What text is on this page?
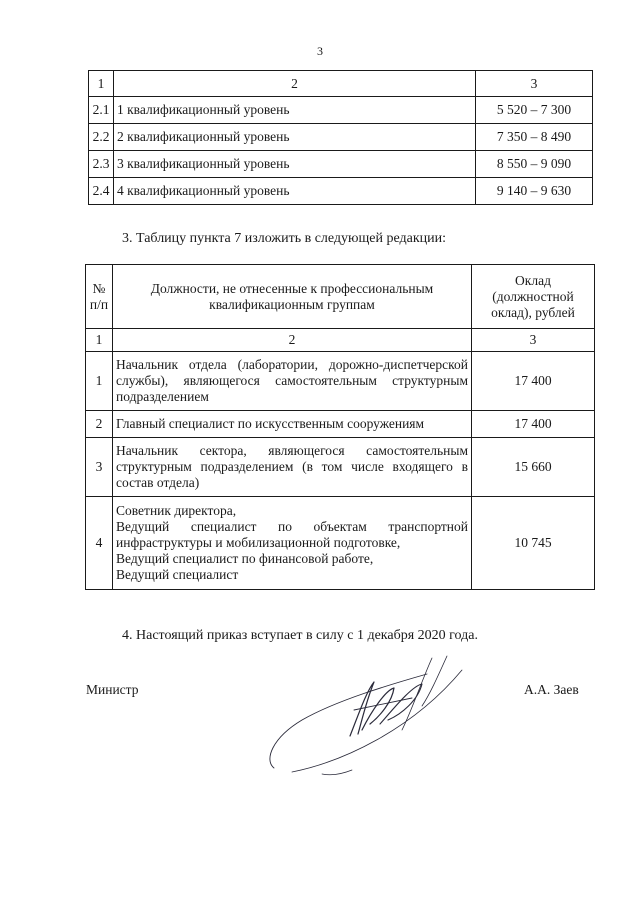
3
1	2	3
2.1	1 квалификационный уровень	5 520 – 7 300
2.2	2 квалификационный уровень	7 350 – 8 490
2.3	3 квалификационный уровень	8 550 – 9 090
2.4	4 квалификационный уровень	9 140 – 9 630

3. Таблицу пункта 7 изложить в следующей редакции:

№ п/п	Должности, не отнесенные к профессиональным квалификационным группам	Оклад (должностной оклад), рублей
1	2	3
1	Начальник отдела (лаборатории, дорожно-диспетчерской службы), являющегося самостоятельным структурным подразделением	17 400
2	Главный специалист по искусственным сооружениям	17 400
3	Начальник сектора, являющегося самостоятельным структурным подразделением (в том числе входящего в состав отдела)	15 660
4	Советник директора,
Ведущий специалист по объектам транспортной инфраструктуры и мобилизационной подготовке,
Ведущий специалист по финансовой работе,
Ведущий специалист	10 745

4. Настоящий приказ вступает в силу с 1 декабря 2020 года.

Министр	А.А. Заев
